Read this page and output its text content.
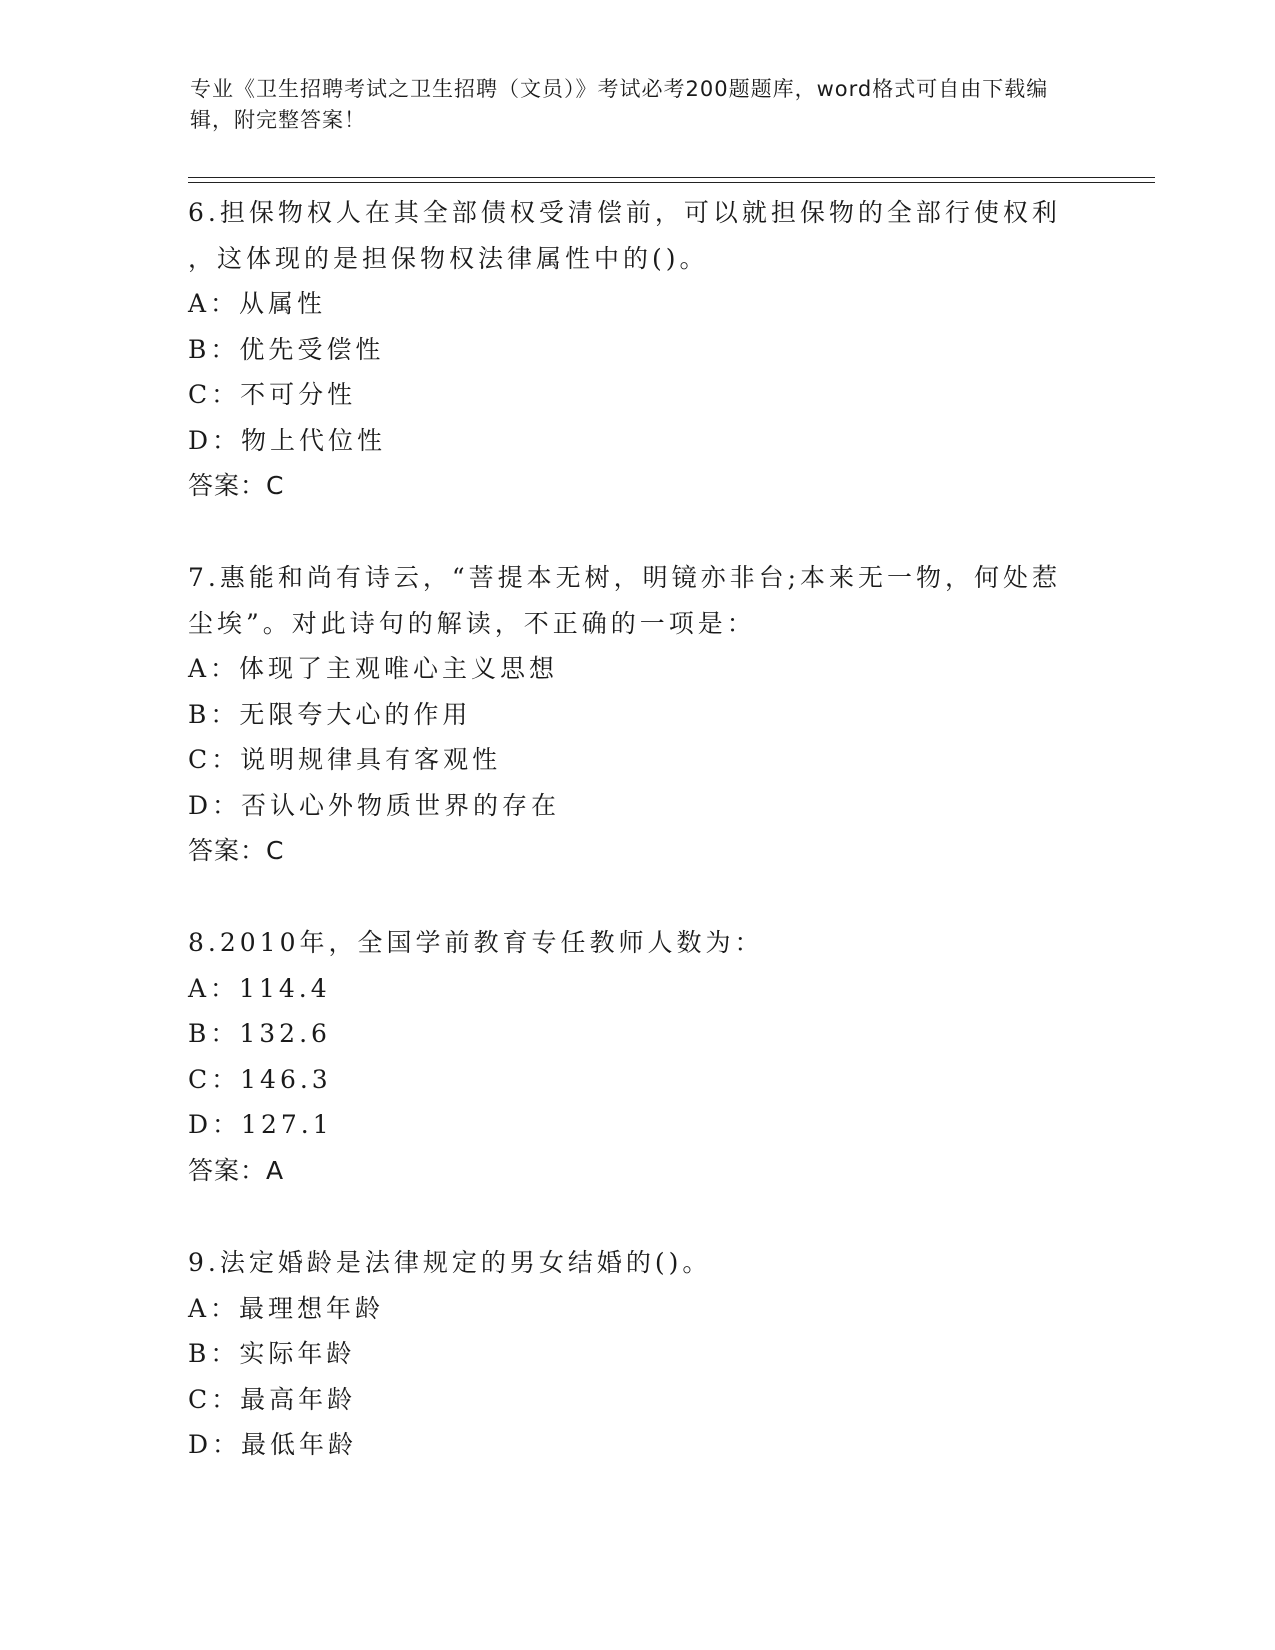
专业《卫生招聘考试之卫生招聘（文员）》考试必考200题题库，word格式可自由下载编辑，附完整答案！
6.担保物权人在其全部债权受清偿前，可以就担保物的全部行使权利
，这体现的是担保物权法律属性中的()。
A：从属性
B：优先受偿性
C：不可分性
D：物上代位性
答案：C
7.惠能和尚有诗云，“菩提本无树，明镜亦非台;本来无一物，何处惹
尘埃”。对此诗句的解读，不正确的一项是：
A：体现了主观唯心主义思想
B：无限夸大心的作用
C：说明规律具有客观性
D：否认心外物质世界的存在
答案：C
8.2010年，全国学前教育专任教师人数为：
A：114.4
B：132.6
C：146.3
D：127.1
答案：A
9.法定婚龄是法律规定的男女结婚的()。
A：最理想年龄
B：实际年龄
C：最高年龄
D：最低年龄
